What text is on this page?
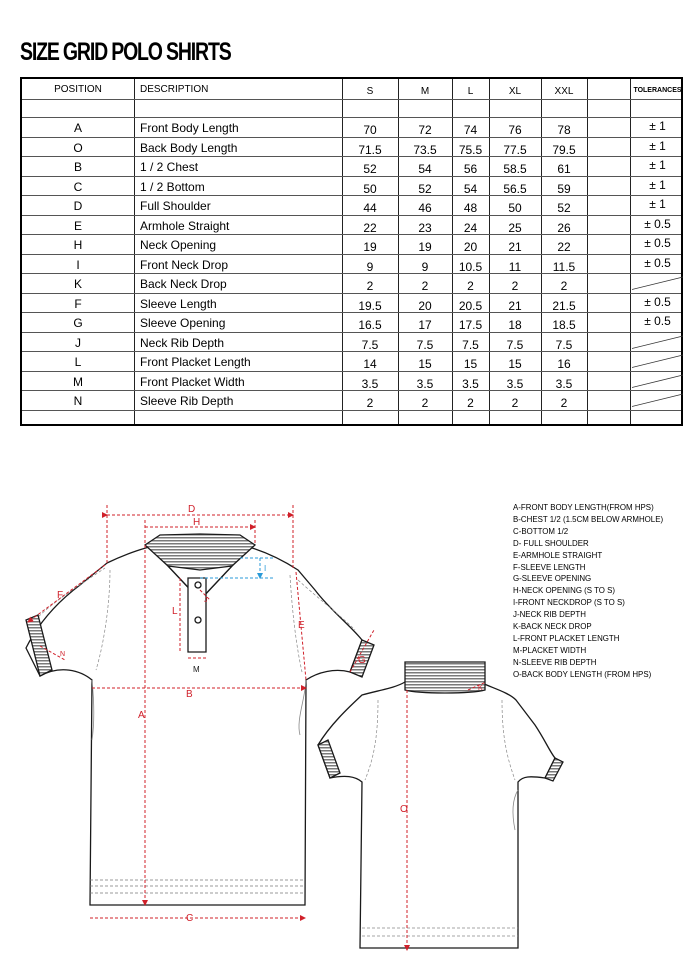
SIZE GRID POLO SHIRTS
POSITION	DESCRIPTION	S	M	L	XL	XXL	TOLERANCES
A	Front Body Length	70	72	74	76	78	± 1
O	Back Body Length	71.5	73.5	75.5	77.5	79.5	± 1
B	1 / 2 Chest	52	54	56	58.5	61	± 1
C	1 / 2 Bottom	50	52	54	56.5	59	± 1
D	Full Shoulder	44	46	48	50	52	± 1
E	Armhole Straight	22	23	24	25	26	± 0.5
H	Neck Opening	19	19	20	21	22	± 0.5
I	Front Neck Drop	9	9	10.5	11	11.5	± 0.5
K	Back Neck Drop	2	2	2	2	2
F	Sleeve Length	19.5	20	20.5	21	21.5	± 0.5
G	Sleeve Opening	16.5	17	17.5	18	18.5	± 0.5
J	Neck Rib Depth	7.5	7.5	7.5	7.5	7.5
L	Front Placket Length	14	15	15	15	16
M	Front Placket Width	3.5	3.5	3.5	3.5	3.5
N	Sleeve Rib Depth	2	2	2	2	2
D
H
B
C
A
E
F
G
L
J
N
O
K
M
I
A-FRONT BODY LENGTH(FROM HPS)
B-CHEST 1/2 (1.5CM BELOW ARMHOLE)
C-BOTTOM 1/2
D- FULL SHOULDER
E-ARMHOLE STRAIGHT
F-SLEEVE LENGTH
G-SLEEVE OPENING
H-NECK OPENING (S TO S)
I-FRONT NECKDROP (S TO S)
J-NECK RIB DEPTH
K-BACK NECK DROP
L-FRONT PLACKET LENGTH
M-PLACKET WIDTH
N-SLEEVE RIB DEPTH
O-BACK BODY LENGTH (FROM HPS)
